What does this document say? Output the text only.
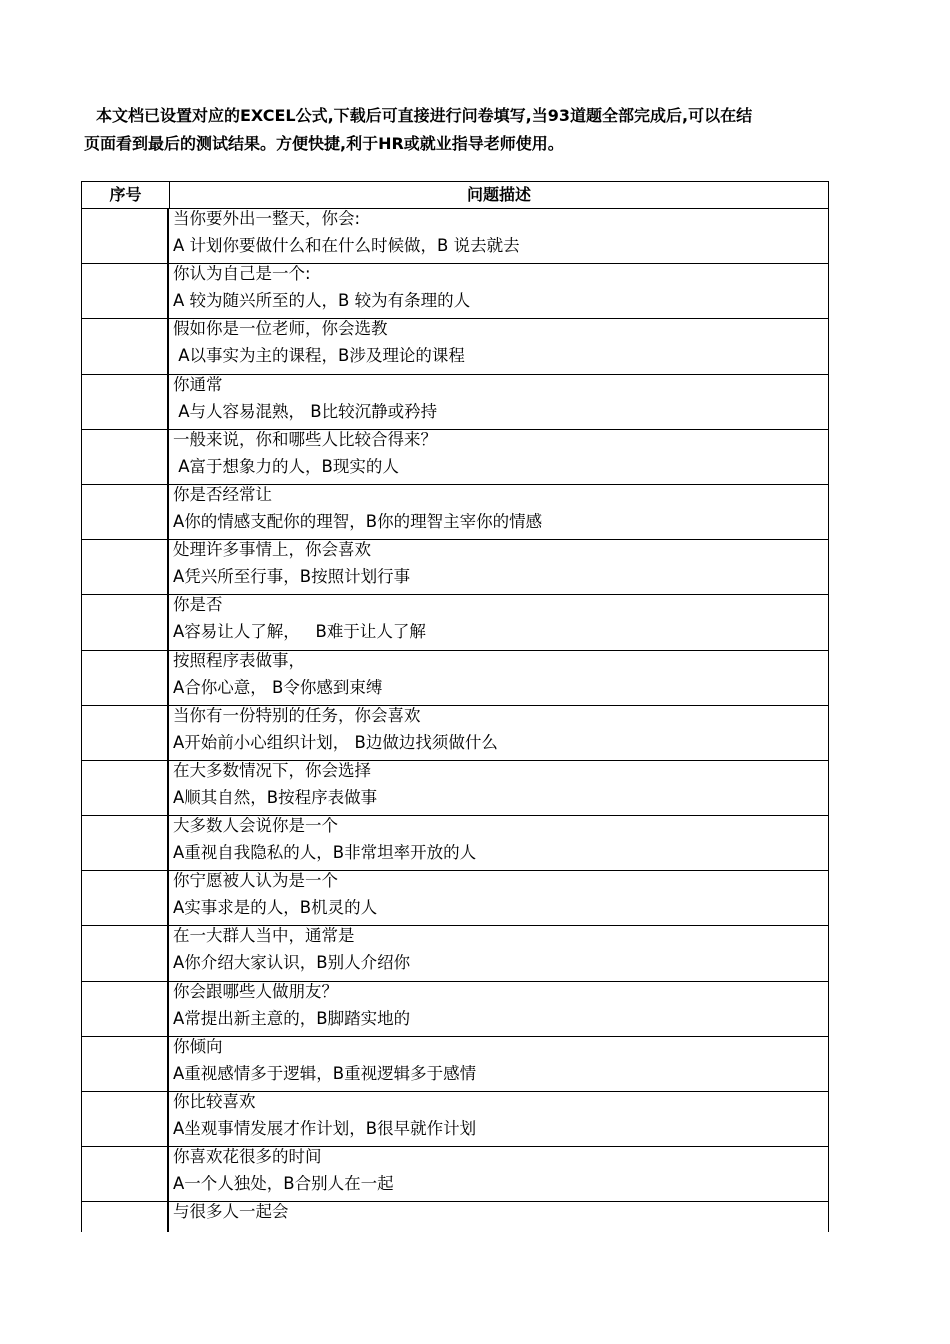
本文档已设置对应的EXCEL公式,下载后可直接进行问卷填写,当93道题全部完成后,可以在结
页面看到最后的测试结果。方便快捷,利于HR或就业指导老师使用。
序号	问题描述
当你要外出一整天，你会:
A 计划你要做什么和在什么时候做，B 说去就去
你认为自己是一个:
A 较为随兴所至的人，B 较为有条理的人
假如你是一位老师，你会选教
A以事实为主的课程，B涉及理论的课程
你通常
A与人容易混熟， B比较沉静或矜持
一般来说，你和哪些人比较合得来？
A富于想象力的人，B现实的人
你是否经常让
A你的情感支配你的理智，B你的理智主宰你的情感
处理许多事情上，你会喜欢
A凭兴所至行事，B按照计划行事
你是否
A容易让人了解，   B难于让人了解
按照程序表做事，
A合你心意， B令你感到束缚
当你有一份特别的任务，你会喜欢
A开始前小心组织计划， B边做边找须做什么
在大多数情况下，你会选择
A顺其自然，B按程序表做事
大多数人会说你是一个
A重视自我隐私的人，B非常坦率开放的人
你宁愿被人认为是一个
A实事求是的人，B机灵的人
在一大群人当中，通常是
A你介绍大家认识，B别人介绍你
你会跟哪些人做朋友？
A常提出新主意的，B脚踏实地的
你倾向
A重视感情多于逻辑，B重视逻辑多于感情
你比较喜欢
A坐观事情发展才作计划，B很早就作计划
你喜欢花很多的时间
A一个人独处，B合别人在一起
与很多人一起会
